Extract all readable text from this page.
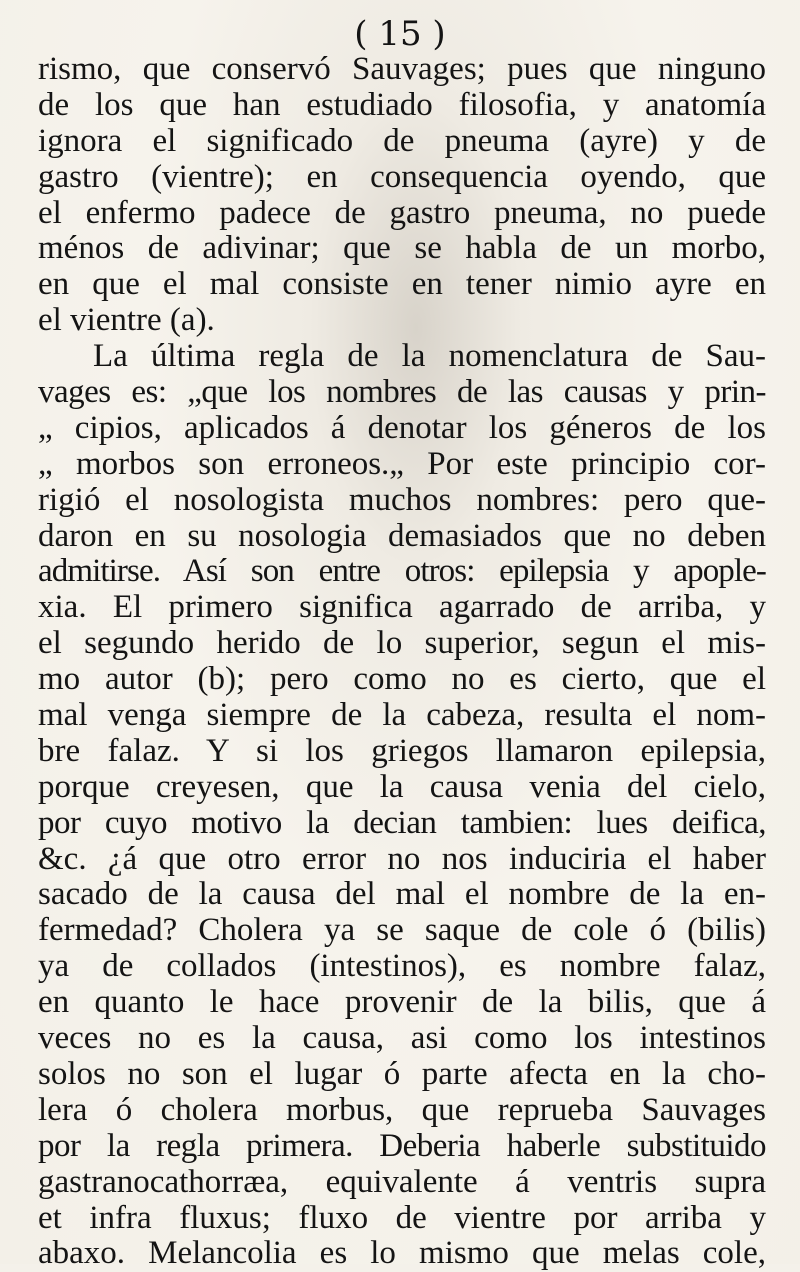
( 15 )
rismo, que conservó Sauvages; pues que ninguno
de los que han estudiado filosofia, y anatomía
ignora el significado de pneuma (ayre) y de
gastro (vientre); en consequencia oyendo, que
el enfermo padece de gastro pneuma, no puede
ménos de adivinar; que se habla de un morbo,
en que el mal consiste en tener nimio ayre en
el vientre (a).
La última regla de la nomenclatura de Sau-
vages es: „que los nombres de las causas y prin-
„ cipios, aplicados á denotar los géneros de los
„ morbos son erroneos.„ Por este principio cor-
rigió el nosologista muchos nombres: pero que-
daron en su nosologia demasiados que no deben
admitirse. Así son entre otros: epilepsia y apople-
xia. El primero significa agarrado de arriba, y
el segundo herido de lo superior, segun el mis-
mo autor (b); pero como no es cierto, que el
mal venga siempre de la cabeza, resulta el nom-
bre falaz. Y si los griegos llamaron epilepsia,
porque creyesen, que la causa venia del cielo,
por cuyo motivo la decian tambien: lues deifica,
&c. ¿á que otro error no nos induciria el haber
sacado de la causa del mal el nombre de la en-
fermedad? Cholera ya se saque de cole ó (bilis)
ya de collados (intestinos), es nombre falaz,
en quanto le hace provenir de la bilis, que á
veces no es la causa, asi como los intestinos
solos no son el lugar ó parte afecta en la cho-
lera ó cholera morbus, que reprueba Sauvages
por la regla primera. Deberia haberle substituido
gastranocathorræa, equivalente á ventris supra
et infra fluxus; fluxo de vientre por arriba y
abaxo. Melancolia es lo mismo que melas cole,
